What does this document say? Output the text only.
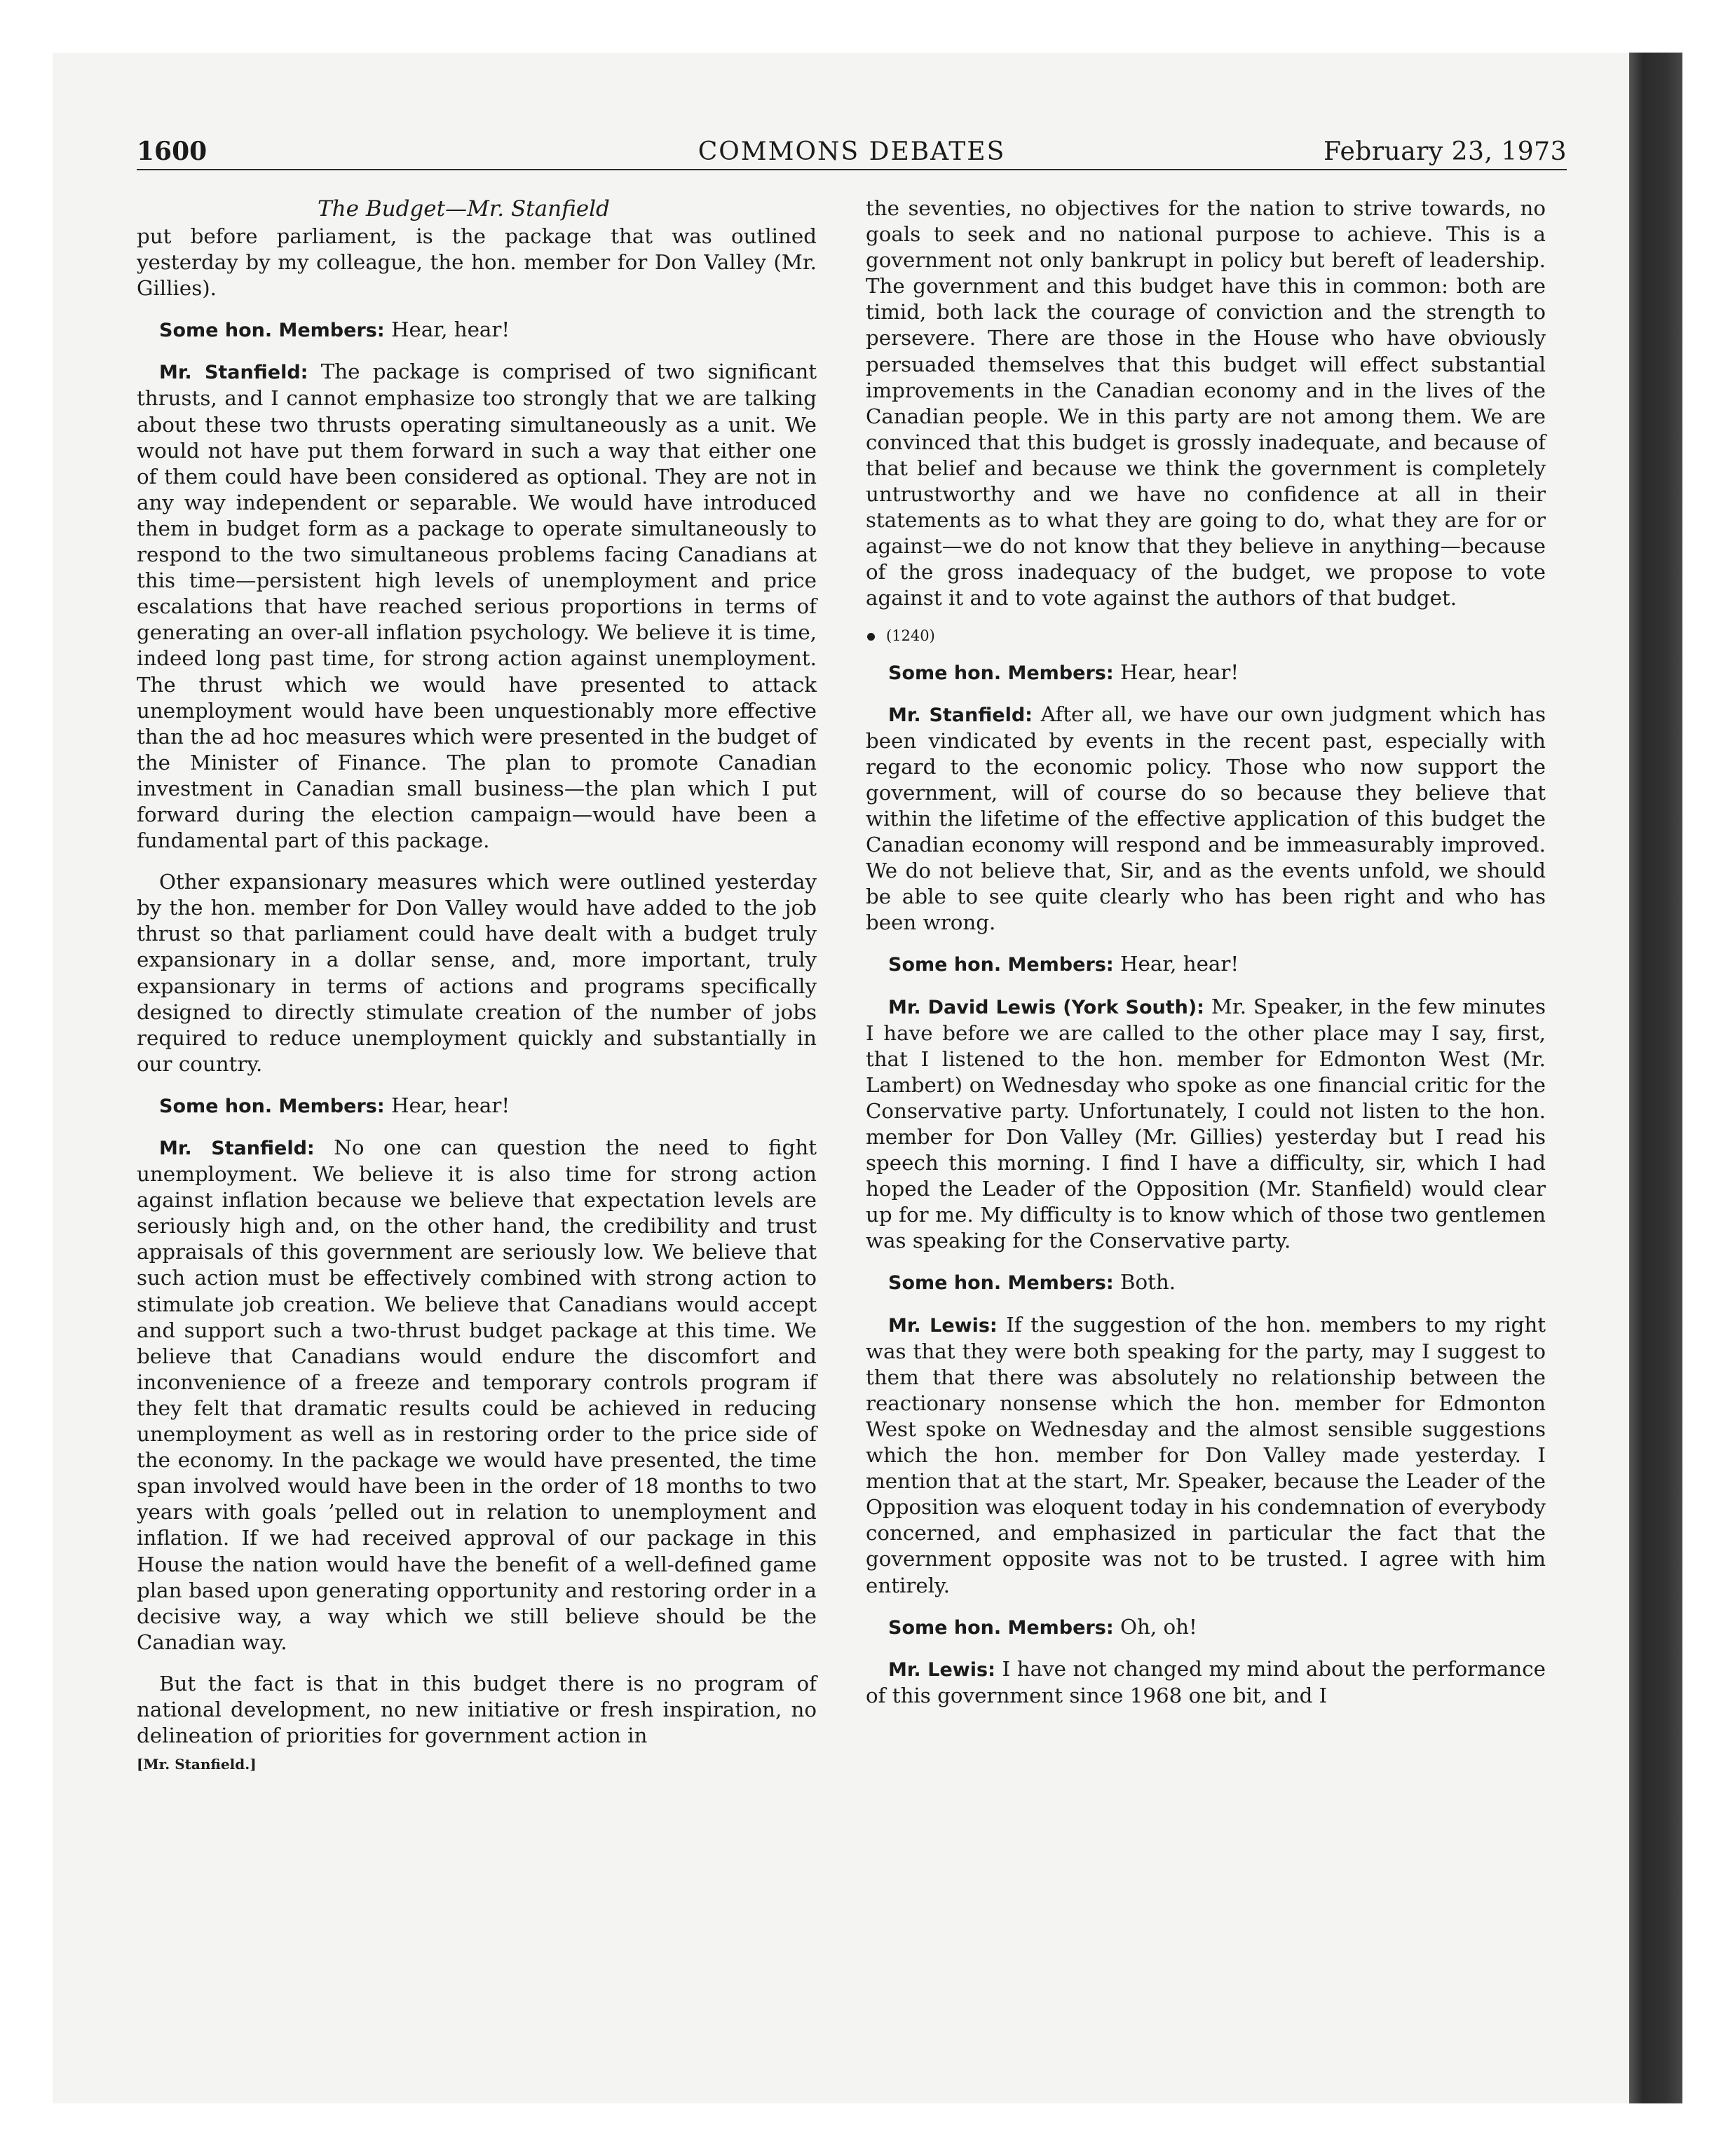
1600	COMMONS DEBATES	February 23, 1973
The Budget—Mr. Stanfield

put before parliament, is the package that was outlined yesterday by my colleague, the hon. member for Don Valley (Mr. Gillies).

Some hon. Members: Hear, hear!

Mr. Stanfield: The package is comprised of two significant thrusts, and I cannot emphasize too strongly that we are talking about these two thrusts operating simultaneously as a unit. We would not have put them forward in such a way that either one of them could have been considered as optional. They are not in any way independent or separable. We would have introduced them in budget form as a package to operate simultaneously to respond to the two simultaneous problems facing Canadians at this time—persistent high levels of unemployment and price escalations that have reached serious proportions in terms of generating an over-all inflation psychology. We believe it is time, indeed long past time, for strong action against unemployment. The thrust which we would have presented to attack unemployment would have been unquestionably more effective than the ad hoc measures which were presented in the budget of the Minister of Finance. The plan to promote Canadian investment in Canadian small business—the plan which I put forward during the election campaign—would have been a fundamental part of this package.

Other expansionary measures which were outlined yesterday by the hon. member for Don Valley would have added to the job thrust so that parliament could have dealt with a budget truly expansionary in a dollar sense, and, more important, truly expansionary in terms of actions and programs specifically designed to directly stimulate creation of the number of jobs required to reduce unemployment quickly and substantially in our country.

Some hon. Members: Hear, hear!

Mr. Stanfield: No one can question the need to fight unemployment. We believe it is also time for strong action against inflation because we believe that expectation levels are seriously high and, on the other hand, the credibility and trust appraisals of this government are seriously low. We believe that such action must be effectively combined with strong action to stimulate job creation. We believe that Canadians would accept and support such a two-thrust budget package at this time. We believe that Canadians would endure the discomfort and inconvenience of a freeze and temporary controls program if they felt that dramatic results could be achieved in reducing unemployment as well as in restoring order to the price side of the economy. In the package we would have presented, the time span involved would have been in the order of 18 months to two years with goals ’pelled out in relation to unemployment and inflation. If we had received approval of our package in this House the nation would have the benefit of a well-defined game plan based upon generating opportunity and restoring order in a decisive way, a way which we still believe should be the Canadian way.

But the fact is that in this budget there is no program of national development, no new initiative or fresh inspiration, no delineation of priorities for government action in

[Mr. Stanfield.]

the seventies, no objectives for the nation to strive towards, no goals to seek and no national purpose to achieve. This is a government not only bankrupt in policy but bereft of leadership. The government and this budget have this in common: both are timid, both lack the courage of conviction and the strength to persevere. There are those in the House who have obviously persuaded themselves that this budget will effect substantial improvements in the Canadian economy and in the lives of the Canadian people. We in this party are not among them. We are convinced that this budget is grossly inadequate, and because of that belief and because we think the government is completely untrustworthy and we have no confidence at all in their statements as to what they are going to do, what they are for or against—we do not know that they believe in anything—because of the gross inadequacy of the budget, we propose to vote against it and to vote against the authors of that budget.

(1240)

Some hon. Members: Hear, hear!

Mr. Stanfield: After all, we have our own judgment which has been vindicated by events in the recent past, especially with regard to the economic policy. Those who now support the government, will of course do so because they believe that within the lifetime of the effective application of this budget the Canadian economy will respond and be immeasurably improved. We do not believe that, Sir, and as the events unfold, we should be able to see quite clearly who has been right and who has been wrong.

Some hon. Members: Hear, hear!

Mr. David Lewis (York South): Mr. Speaker, in the few minutes I have before we are called to the other place may I say, first, that I listened to the hon. member for Edmonton West (Mr. Lambert) on Wednesday who spoke as one financial critic for the Conservative party. Unfortunately, I could not listen to the hon. member for Don Valley (Mr. Gillies) yesterday but I read his speech this morning. I find I have a difficulty, sir, which I had hoped the Leader of the Opposition (Mr. Stanfield) would clear up for me. My difficulty is to know which of those two gentlemen was speaking for the Conservative party.

Some hon. Members: Both.

Mr. Lewis: If the suggestion of the hon. members to my right was that they were both speaking for the party, may I suggest to them that there was absolutely no relationship between the reactionary nonsense which the hon. member for Edmonton West spoke on Wednesday and the almost sensible suggestions which the hon. member for Don Valley made yesterday. I mention that at the start, Mr. Speaker, because the Leader of the Opposition was eloquent today in his condemnation of everybody concerned, and emphasized in particular the fact that the government opposite was not to be trusted. I agree with him entirely.

Some hon. Members: Oh, oh!

Mr. Lewis: I have not changed my mind about the performance of this government since 1968 one bit, and I
